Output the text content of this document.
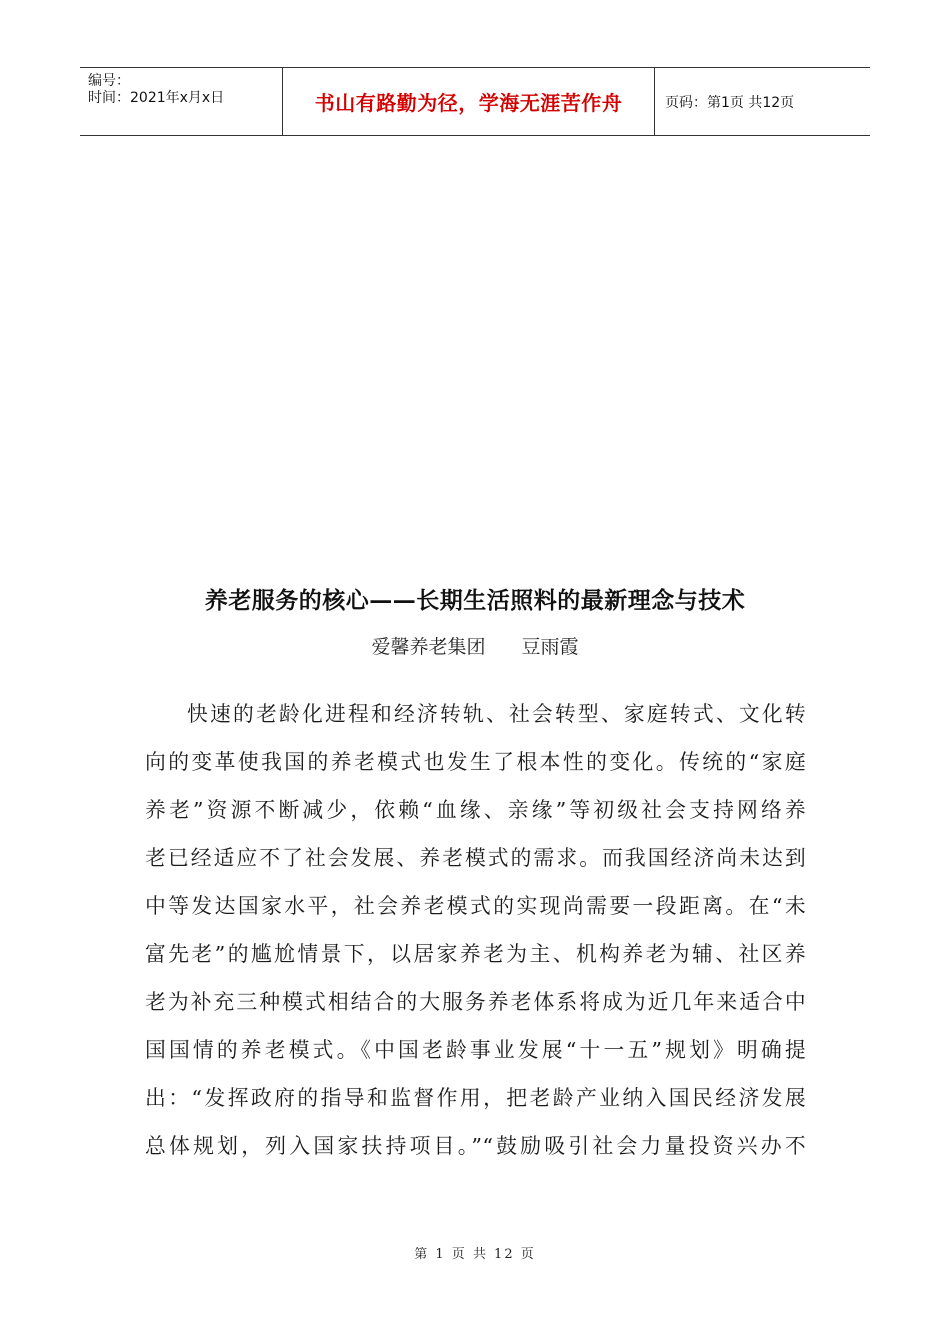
编号：
时间：2021年x月x日	书山有路勤为径，学海无涯苦作舟	页码：第1页 共12页
养老服务的核心——长期生活照料的最新理念与技术
爱馨养老集团 豆雨霞
快速的老龄化进程和经济转轨、社会转型、家庭转式、文化转
向的变革使我国的养老模式也发生了根本性的变化。传统的“家庭
养老”资源不断减少，依赖“血缘、亲缘”等初级社会支持网络养
老已经适应不了社会发展、养老模式的需求。而我国经济尚未达到
中等发达国家水平，社会养老模式的实现尚需要一段距离。在“未
富先老”的尴尬情景下，以居家养老为主、机构养老为辅、社区养
老为补充三种模式相结合的大服务养老体系将成为近几年来适合中
国国情的养老模式。《中国老龄事业发展“十一五”规划》明确提
出：“发挥政府的指导和监督作用，把老龄产业纳入国民经济发展
总体规划，列入国家扶持项目。”“鼓励吸引社会力量投资兴办不
第 1 页 共 12 页
